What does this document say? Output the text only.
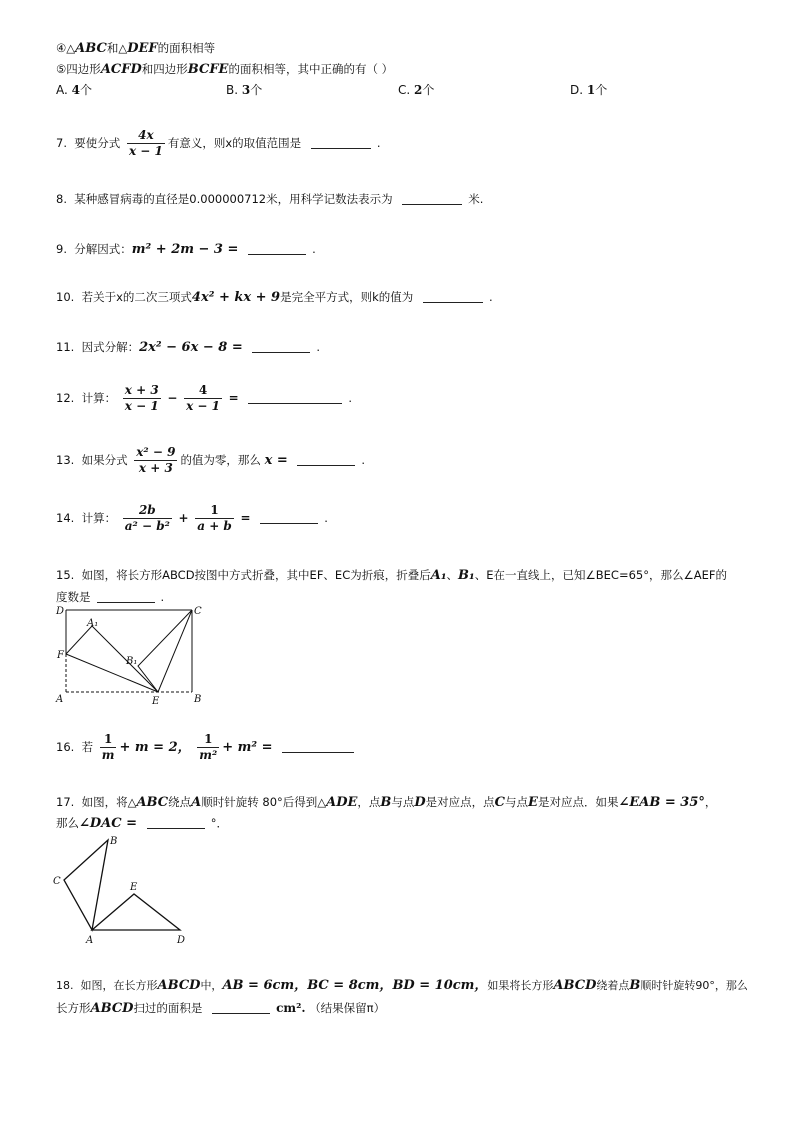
④△ABC和△DEF的面积相等
⑤四边形ACFD和四边形BCFE的面积相等，其中正确的有（ ）
A. 4个	B. 3个	C. 2个	D. 1个
7. 要使分式 $\frac{4x}{x - 1}$ 有意义，则x的取值范围是	.
8. 某种感冒病毒的直径是0.000000712米，用科学记数法表示为	米.
9. 分解因式：m² + 2m − 3 =	.
10. 若关于x的二次三项式4x² + kx + 9是完全平方式，则k的值为	.
11. 因式分解：2x² − 6x − 8 =	.
12. 计算： $\frac{x + 3}{x - 1} - \frac{4}{x - 1}$ =	.
13. 如果分式 $\frac{\text{x² − 9}}{x + 3}$ 的值为零，那么 x =	.
14. 计算： $\frac{2b}{\text{a² − b²}} + \frac{1}{a + b}$ =	.
15. 如图，将长方形ABCD按图中方式折叠，其中EF、EC为折痕，折叠后A₁、B₁、E在一直线上，已知∠BEC=65°，那么∠AEF的
度数是	.
D	C
A₁
F
B₁
A	E	B
16. 若 $\frac{1}{m} + m = 2$， $\frac{1}{\text{m²}} + m^2$ =
17. 如图，将△ABC绕点A顺时针旋转 80°后得到△ADE，点B与点D是对应点，点C与点E是对应点．如果∠EAB = 35°，
那么∠DAC =	°．
B
C
E
A	D
18. 如图，在长方形ABCD中，AB = 6cm，BC = 8cm，BD = 10cm，如果将长方形ABCD绕着点B顺时针旋转90°，那么
长方形ABCD扫过的面积是	cm². （结果保留π）
